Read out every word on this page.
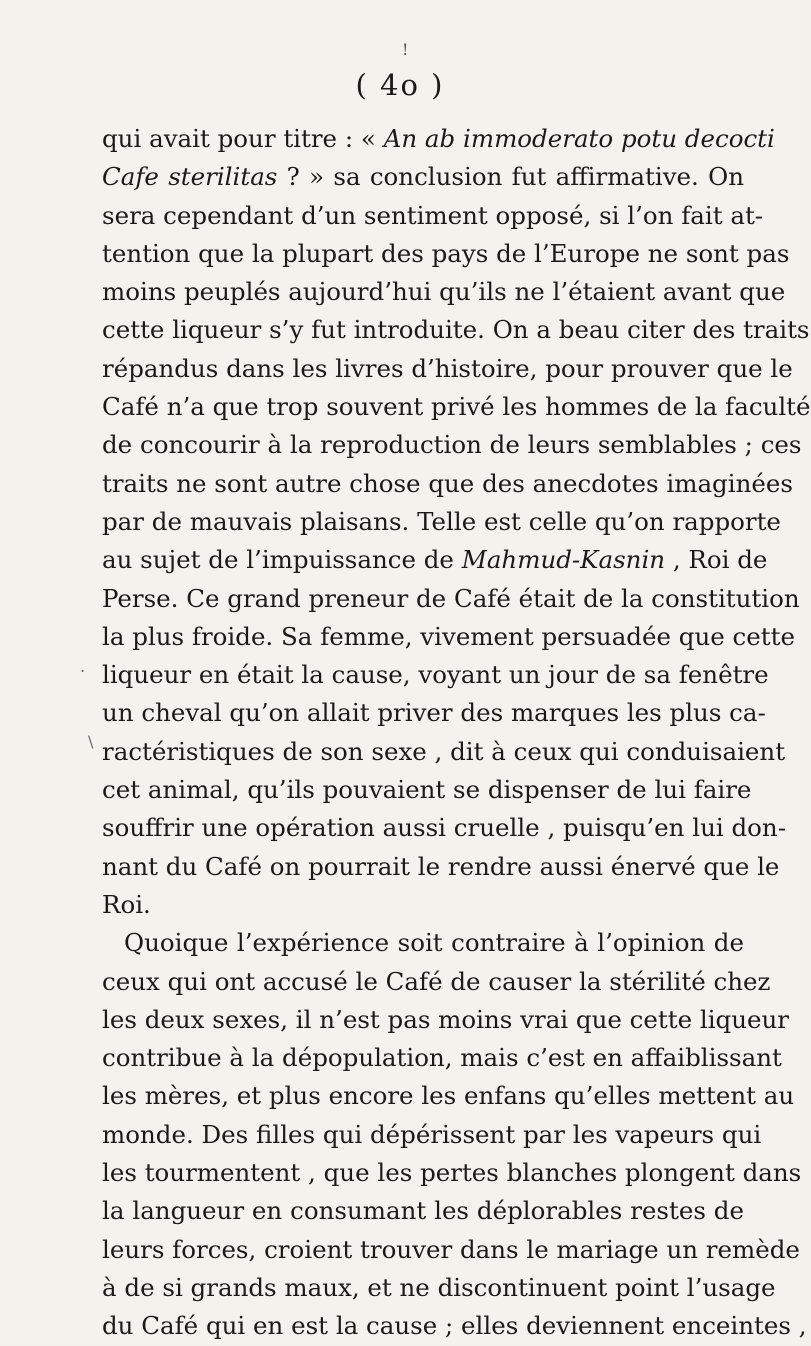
!
( 4o )
.
\
qui avait pour titre : « An ab immoderato potu decocti
Cafe sterilitas ? » sa conclusion fut affirmative. On
sera cependant d’un sentiment opposé, si l’on fait at-
tention que la plupart des pays de l’Europe ne sont pas
moins peuplés aujourd’hui qu’ils ne l’étaient avant que
cette liqueur s’y fut introduite. On a beau citer des traits
répandus dans les livres d’histoire, pour prouver que le
Café n’a que trop souvent privé les hommes de la faculté
de concourir à la reproduction de leurs semblables ; ces
traits ne sont autre chose que des anecdotes imaginées
par de mauvais plaisans. Telle est celle qu’on rapporte
au sujet de l’impuissance de Mahmud-Kasnin , Roi de
Perse. Ce grand preneur de Café était de la constitution
la plus froide. Sa femme, vivement persuadée que cette
liqueur en était la cause, voyant un jour de sa fenêtre
un cheval qu’on allait priver des marques les plus ca-
ractéristiques de son sexe , dit à ceux qui conduisaient
cet animal, qu’ils pouvaient se dispenser de lui faire
souffrir une opération aussi cruelle , puisqu’en lui don-
nant du Café on pourrait le rendre aussi énervé que le
Roi.
Quoique l’expérience soit contraire à l’opinion de
ceux qui ont accusé le Café de causer la stérilité chez
les deux sexes, il n’est pas moins vrai que cette liqueur
contribue à la dépopulation, mais c’est en affaiblissant
les mères, et plus encore les enfans qu’elles mettent au
monde. Des filles qui dépérissent par les vapeurs qui
les tourmentent , que les pertes blanches plongent dans
la langueur en consumant les déplorables restes de
leurs forces, croient trouver dans le mariage un remède
à de si grands maux, et ne discontinuent point l’usage
du Café qui en est la cause ; elles deviennent enceintes ,
